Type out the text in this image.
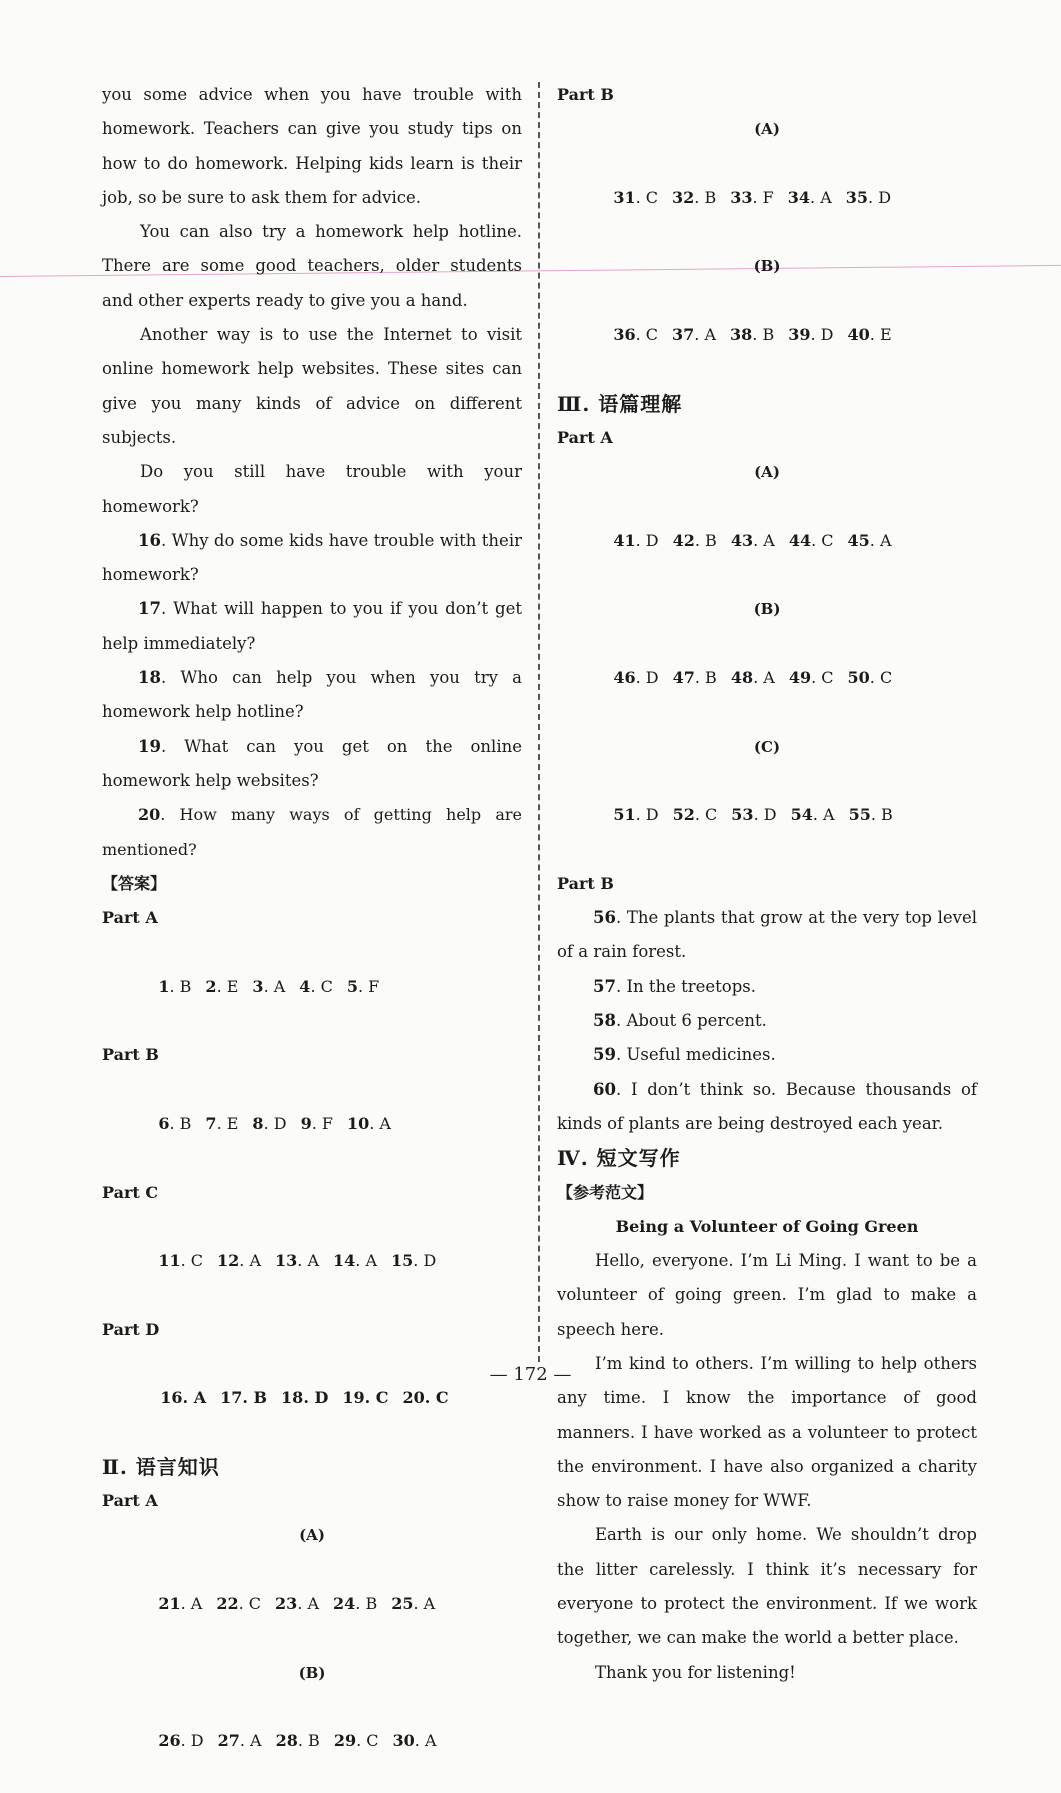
you some advice when you have trouble with homework. Teachers can give you study tips on how to do homework. Helping kids learn is their job, so be sure to ask them for advice.

You can also try a homework help hotline. There are some good teachers, older students and other experts ready to give you a hand.

Another way is to use the Internet to visit online homework help websites. These sites can give you many kinds of advice on different subjects.

Do you still have trouble with your homework?

16. Why do some kids have trouble with their homework?

17. What will happen to you if you don’t get help immediately?

18. Who can help you when you try a homework help hotline?

19. What can you get on the online homework help websites?

20. How many ways of getting help are mentioned?

【答案】

Part A

1. B 2. E 3. A 4. C 5. F

Part B

6. B 7. E 8. D 9. F 10. A

Part C

11. C 12. A 13. A 14. A 15. D

Part D

16. A 17. B 18. D 19. C 20. C

Ⅱ. 语言知识

Part A

(A)

21. A 22. C 23. A 24. B 25. A

(B)

26. D 27. A 28. B 29. C 30. A

Part B

(A)

31. C 32. B 33. F 34. A 35. D

(B)

36. C 37. A 38. B 39. D 40. E

Ⅲ. 语篇理解

Part A

(A)

41. D 42. B 43. A 44. C 45. A

(B)

46. D 47. B 48. A 49. C 50. C

(C)

51. D 52. C 53. D 54. A 55. B

Part B

56. The plants that grow at the very top level of a rain forest.

57. In the treetops.

58. About 6 percent.

59. Useful medicines.

60. I don’t think so. Because thousands of kinds of plants are being destroyed each year.

Ⅳ. 短文写作

【参考范文】

Being a Volunteer of Going Green

Hello, everyone. I’m Li Ming. I want to be a volunteer of going green. I’m glad to make a speech here.

I’m kind to others. I’m willing to help others any time. I know the importance of good manners. I have worked as a volunteer to protect the environment. I have also organized a charity show to raise money for WWF.

Earth is our only home. We shouldn’t drop the litter carelessly. I think it’s necessary for everyone to protect the environment. If we work together, we can make the world a better place.

Thank you for listening!

— 172 —
